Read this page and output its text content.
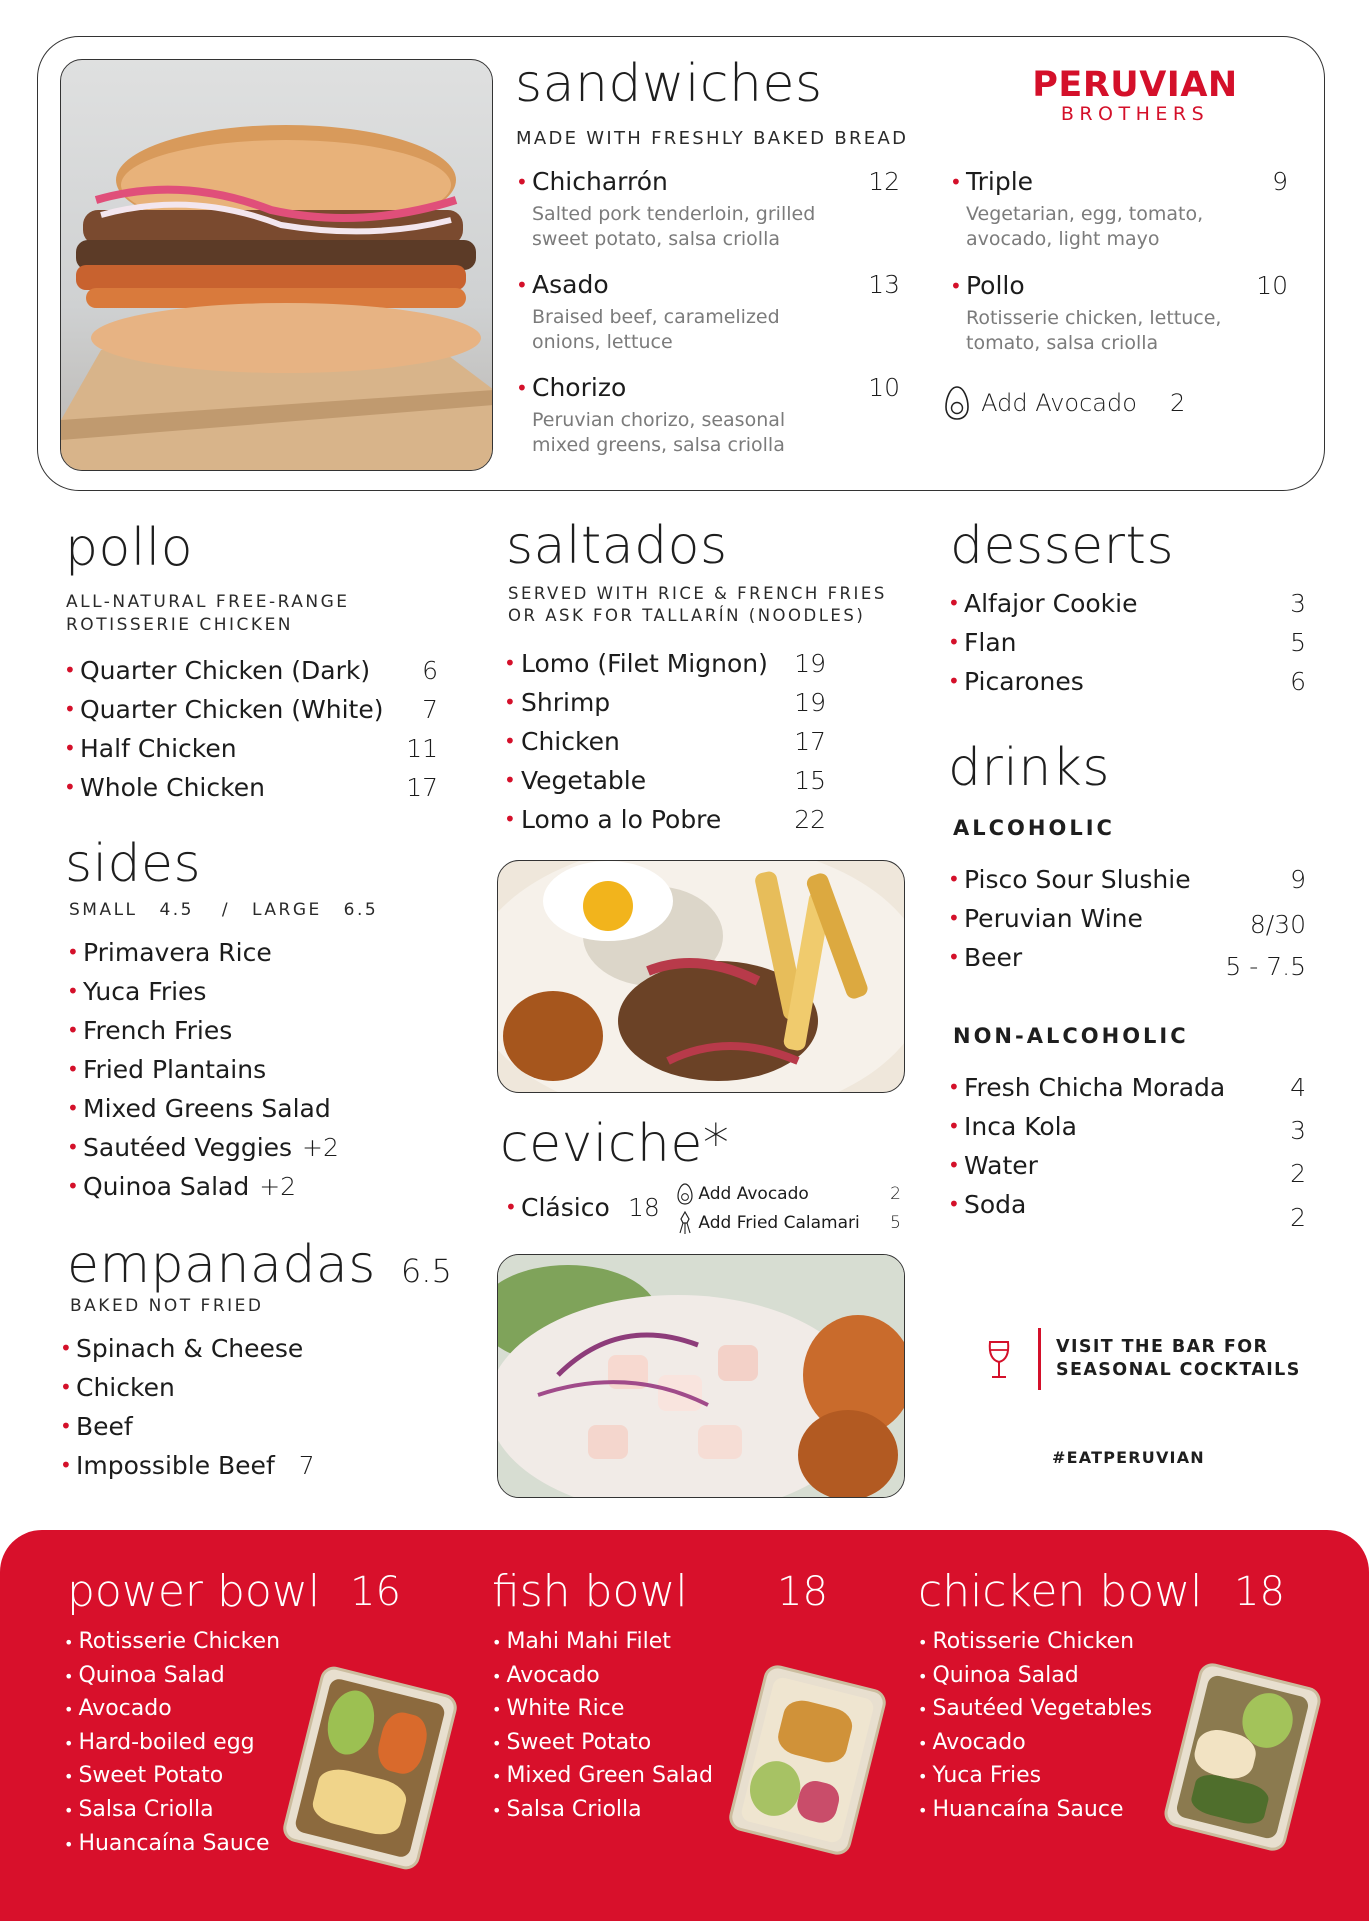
sandwiches
MADE WITH FRESHLY BAKED BREAD
PERUVIAN
BROTHERS
• Chicharrón	12
Salted pork tenderloin, grilled sweet potato, salsa criolla
• Asado	13
Braised beef, caramelized onions, lettuce
• Chorizo	10
Peruvian chorizo, seasonal mixed greens, salsa criolla
• Triple	9
Vegetarian, egg, tomato, avocado, light mayo
• Pollo	10
Rotisserie chicken, lettuce, tomato, salsa criolla
Add Avocado 2
pollo
ALL-NATURAL FREE-RANGE
ROTISSERIE CHICKEN
• Quarter Chicken (Dark) 6
• Quarter Chicken (White) 7
• Half Chicken	11
• Whole Chicken	17
sides
SMALL 4.5 / LARGE 6.5
• Primavera Rice
• Yuca Fries
• French Fries
• Fried Plantains
• Mixed Greens Salad
• Sautéed Veggies +2
• Quinoa Salad +2
empanadas 6.5
BAKED NOT FRIED
• Spinach & Cheese
• Chicken
• Beef
• Impossible Beef 7
saltados
SERVED WITH RICE & FRENCH FRIES
OR ASK FOR TALLARÍN (NOODLES)
• Lomo (Filet Mignon) 19
• Shrimp	19
• Chicken	17
• Vegetable	15
• Lomo a lo Pobre	22
ceviche*
• Clásico 18	Add Avocado	2
Add Fried Calamari 5
desserts
• Alfajor Cookie	3
• Flan	5
• Picarones	6
drinks
ALCOHOLIC
• Pisco Sour Slushie	9
• Peruvian Wine	8/30
• Beer	5 - 7.5
NON-ALCOHOLIC
• Fresh Chicha Morada	4
• Inca Kola	3
• Water	2
• Soda	2
VISIT THE BAR FOR
SEASONAL COCKTAILS
#EATPERUVIAN
power bowl 16
• Rotisserie Chicken
• Quinoa Salad
• Avocado
• Hard-boiled egg
• Sweet Potato
• Salsa Criolla
• Huancaína Sauce
fish bowl 18
• Mahi Mahi Filet
• Avocado
• White Rice
• Sweet Potato
• Mixed Green Salad
• Salsa Criolla
chicken bowl 18
• Rotisserie Chicken
• Quinoa Salad
• Sautéed Vegetables
• Avocado
• Yuca Fries
• Huancaína Sauce
